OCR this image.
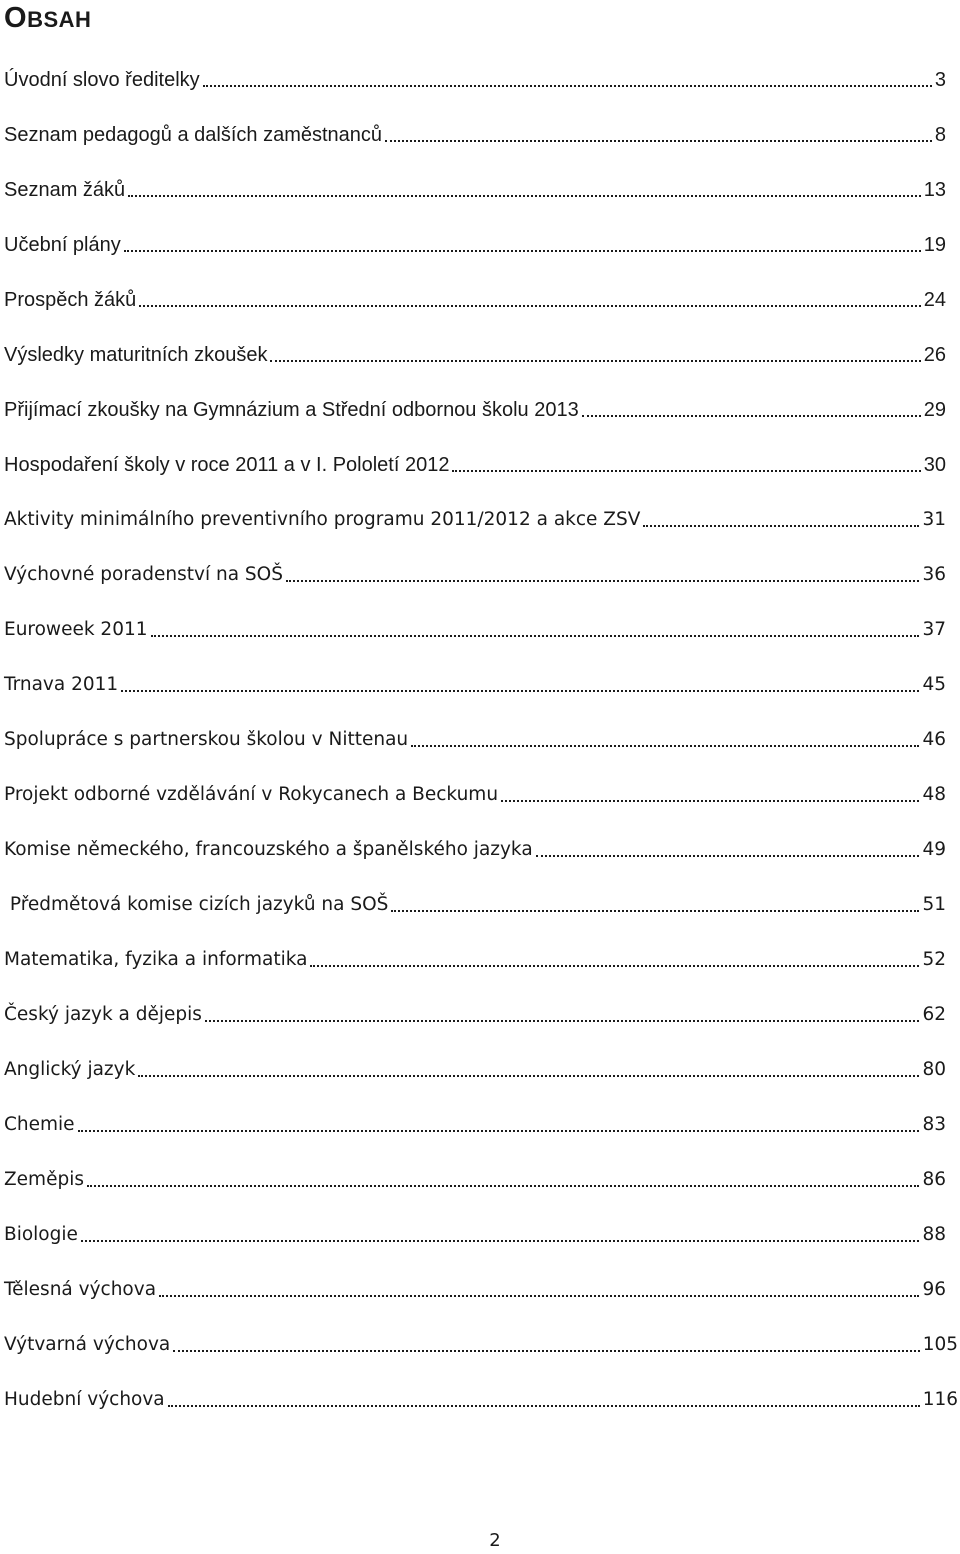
OBSAH
Úvodní slovo ředitelky	3
Seznam pedagogů a dalších zaměstnanců	8
Seznam žáků	13
Učební plány	19
Prospěch žáků	24
Výsledky maturitních zkoušek	26
Přijímací zkoušky na Gymnázium a Střední odbornou školu 2013	29
Hospodaření školy v roce 2011 a v I. Pololetí 2012	30
Aktivity minimálního preventivního programu 2011/2012 a akce ZSV	31
Výchovné poradenství na SOŠ	36
Euroweek 2011	37
Trnava 2011	45
Spolupráce s partnerskou školou v Nittenau	46
Projekt odborné vzdělávání v Rokycanech a Beckumu	48
Komise německého, francouzského a španělského jazyka	49
Předmětová komise cizích jazyků na SOŠ	51
Matematika, fyzika a informatika	52
Český jazyk a dějepis	62
Anglický jazyk	80
Chemie	83
Zeměpis	86
Biologie	88
Tělesná výchova	96
Výtvarná výchova	105
Hudební výchova	116
2
